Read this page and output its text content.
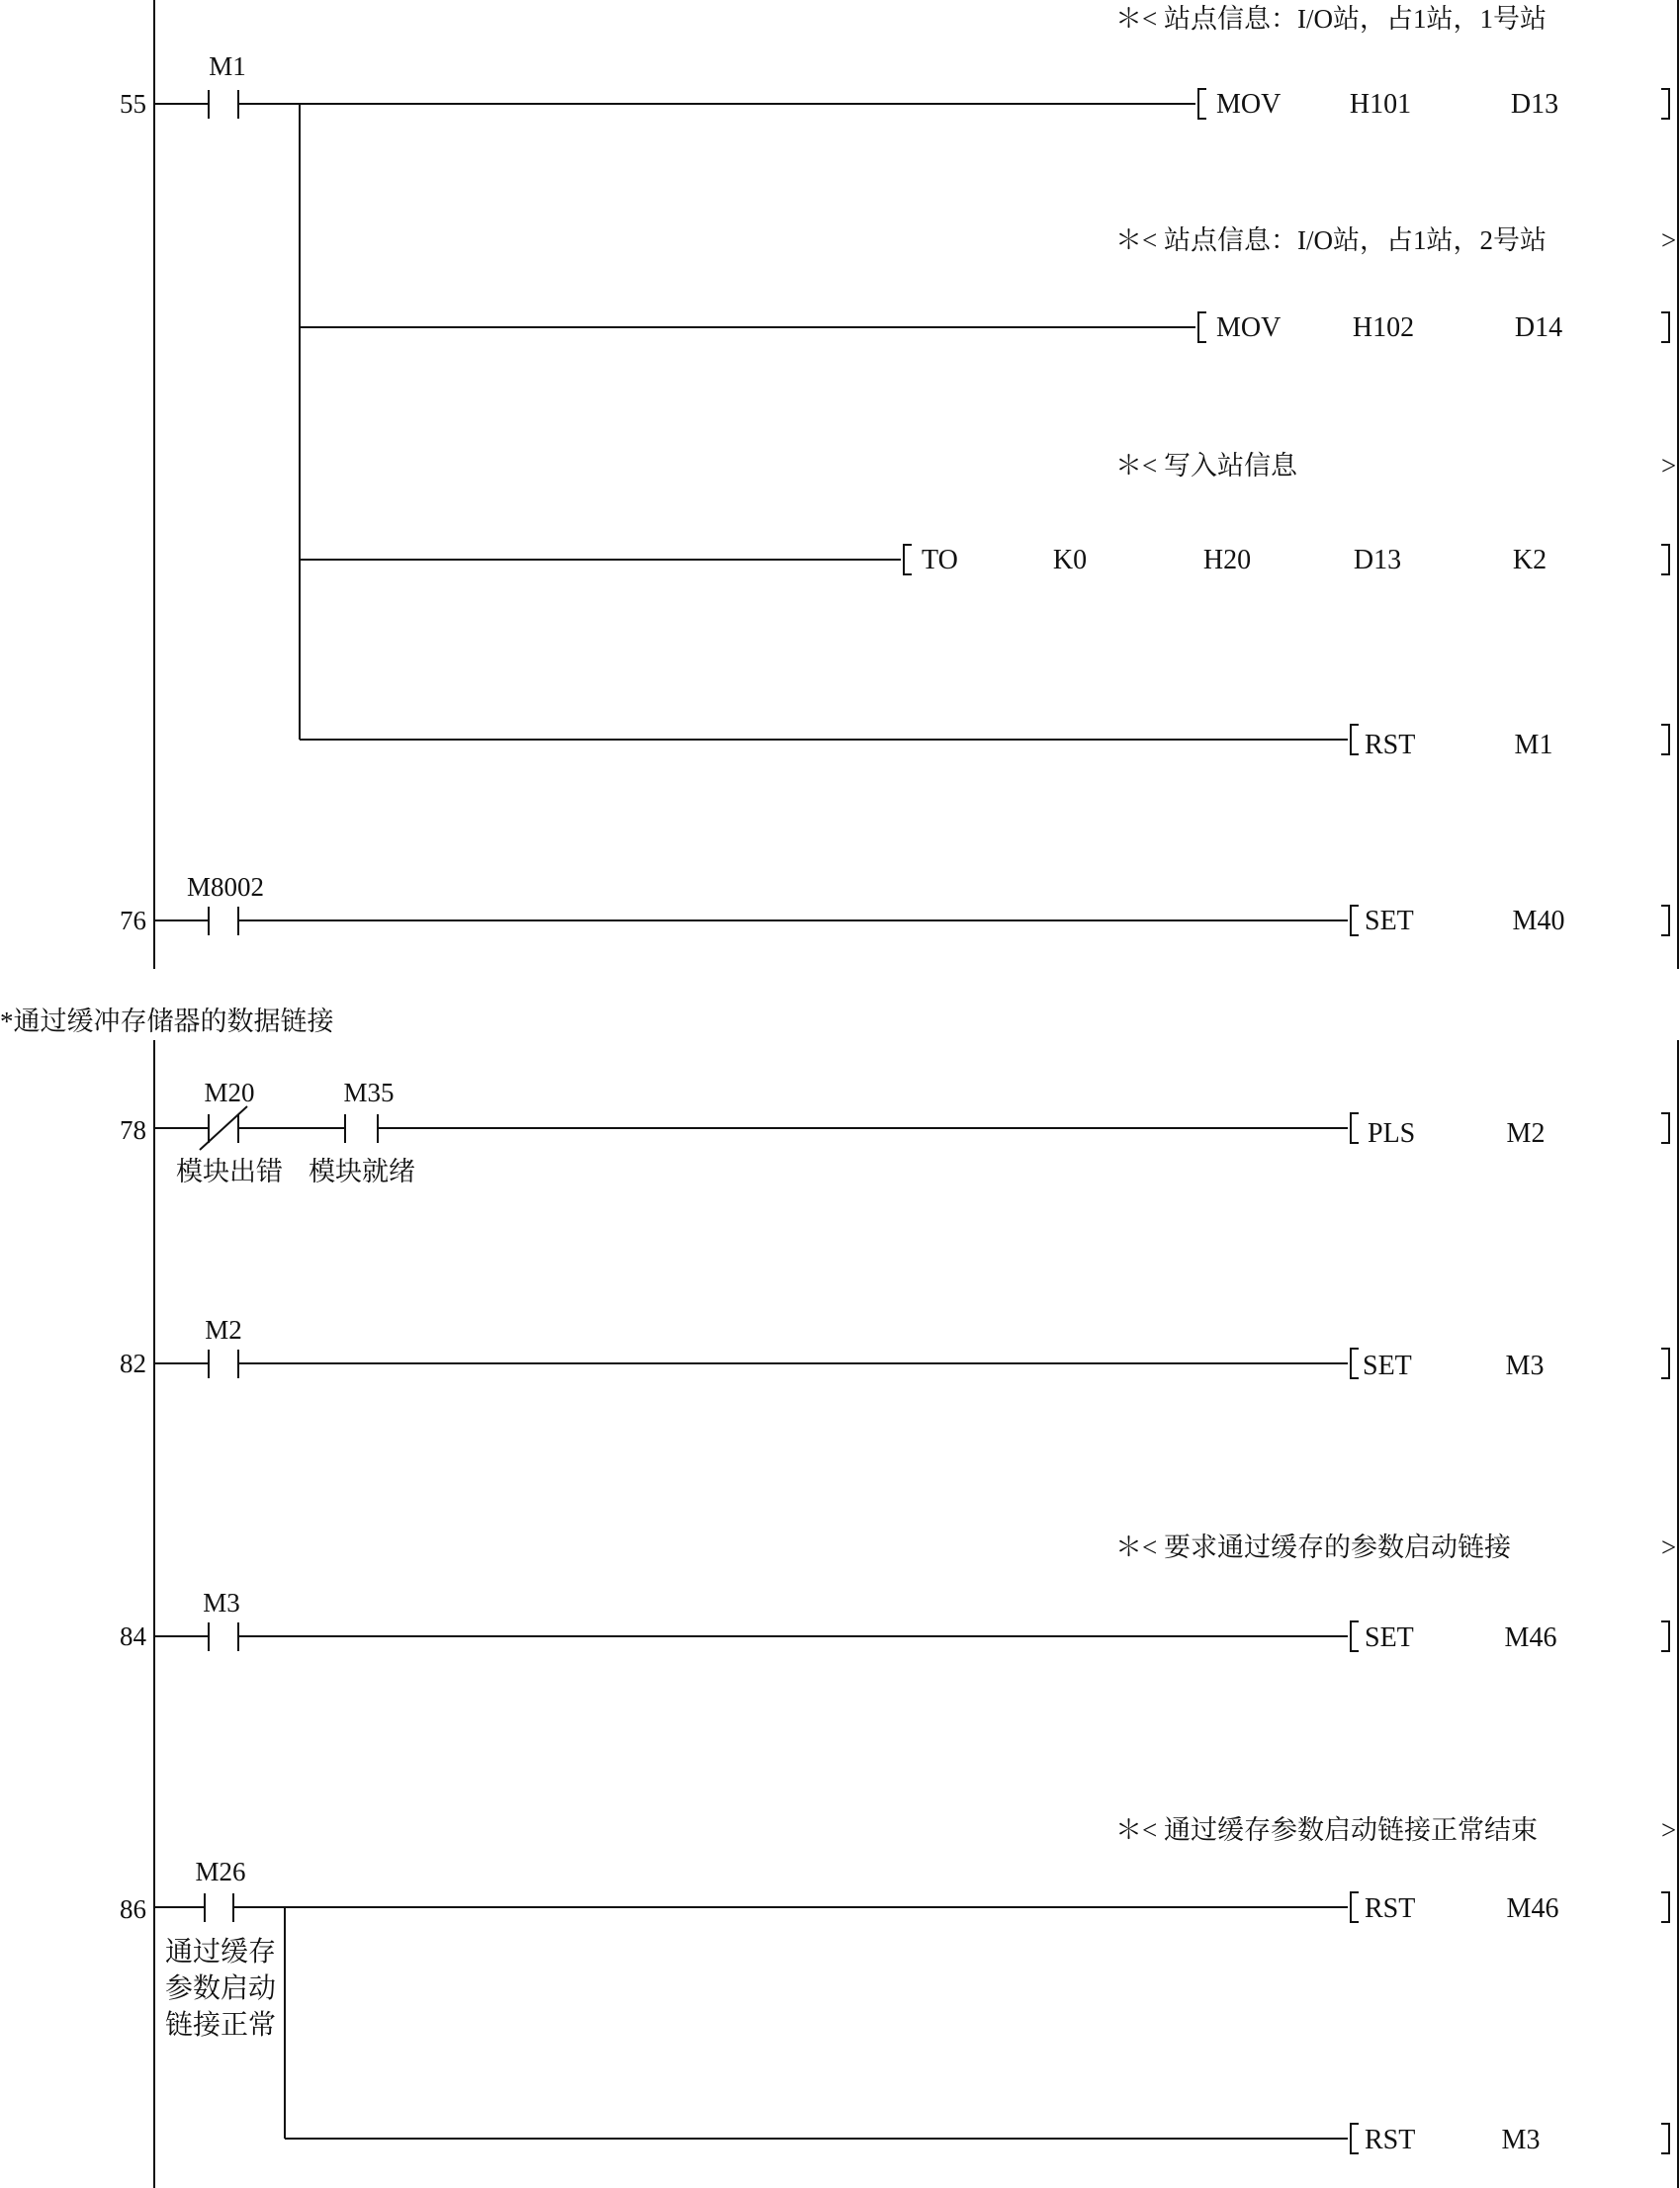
*通过缓冲存储器的数据链接
55
M1
＊< 站点信息：I/O站，占1站，1号站
MOV H101	D13
＊< 站点信息：I/O站，占1站，2号站	>
MOV	H102	D14
＊< 写入站信息	>
TO	K0	H20	D13	K2
RST	M1
76
M8002
SET	M40
78
M20	M35
模块出错 模块就绪
PLS	M2
82
M2
SET	M3
＊< 要求通过缓存的参数启动链接	>
84
M3
SET	M46
＊< 通过缓存参数启动链接正常结束	>
86
M26
通过缓存
参数启动
链接正常
RST	M46
RST	M3
